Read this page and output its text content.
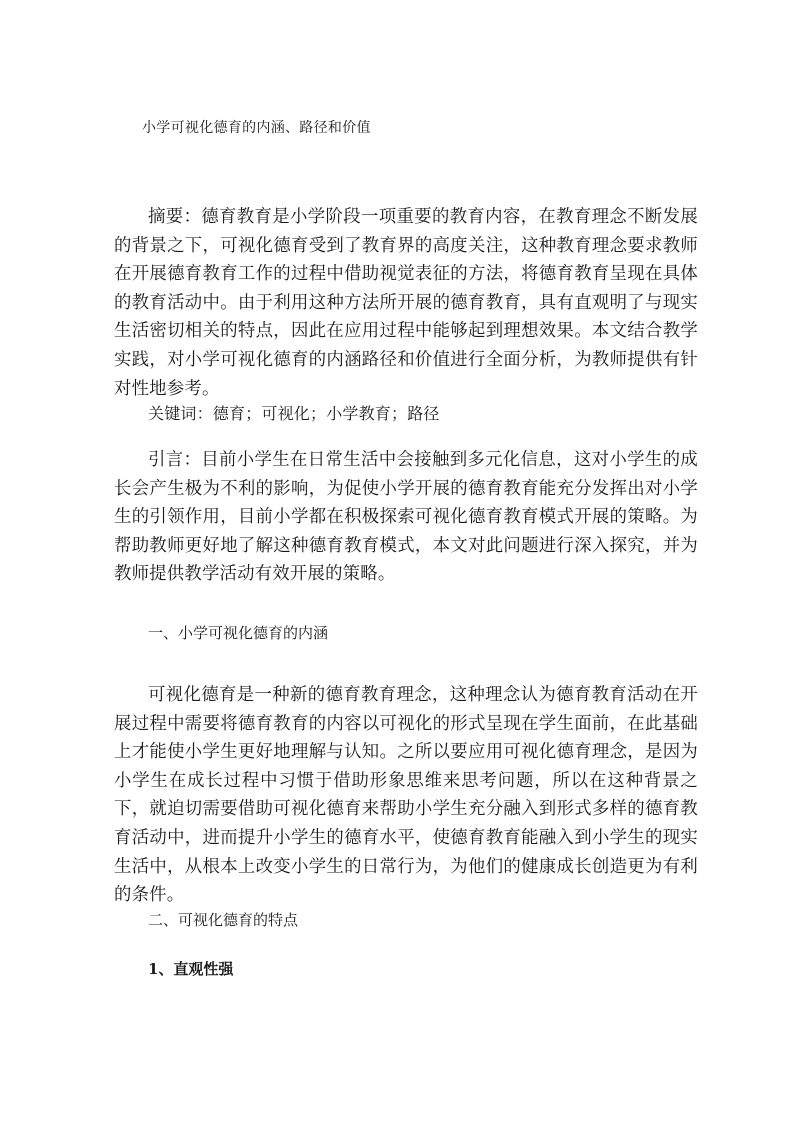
小学可视化德育的内涵、路径和价值

摘要：德育教育是小学阶段一项重要的教育内容，在教育理念不断发展的背景之下，可视化德育受到了教育界的高度关注，这种教育理念要求教师在开展德育教育工作的过程中借助视觉表征的方法，将德育教育呈现在具体的教育活动中。由于利用这种方法所开展的德育教育，具有直观明了与现实生活密切相关的特点，因此在应用过程中能够起到理想效果。本文结合教学实践，对小学可视化德育的内涵路径和价值进行全面分析，为教师提供有针对性地参考。

关键词：德育；可视化；小学教育；路径

引言：目前小学生在日常生活中会接触到多元化信息，这对小学生的成长会产生极为不利的影响，为促使小学开展的德育教育能充分发挥出对小学生的引领作用，目前小学都在积极探索可视化德育教育模式开展的策略。为帮助教师更好地了解这种德育教育模式，本文对此问题进行深入探究，并为教师提供教学活动有效开展的策略。

一、小学可视化德育的内涵

可视化德育是一种新的德育教育理念，这种理念认为德育教育活动在开展过程中需要将德育教育的内容以可视化的形式呈现在学生面前，在此基础上才能使小学生更好地理解与认知。之所以要应用可视化德育理念，是因为小学生在成长过程中习惯于借助形象思维来思考问题，所以在这种背景之下，就迫切需要借助可视化德育来帮助小学生充分融入到形式多样的德育教育活动中，进而提升小学生的德育水平，使德育教育能融入到小学生的现实生活中，从根本上改变小学生的日常行为，为他们的健康成长创造更为有利的条件。

二、可视化德育的特点
1、直观性强
